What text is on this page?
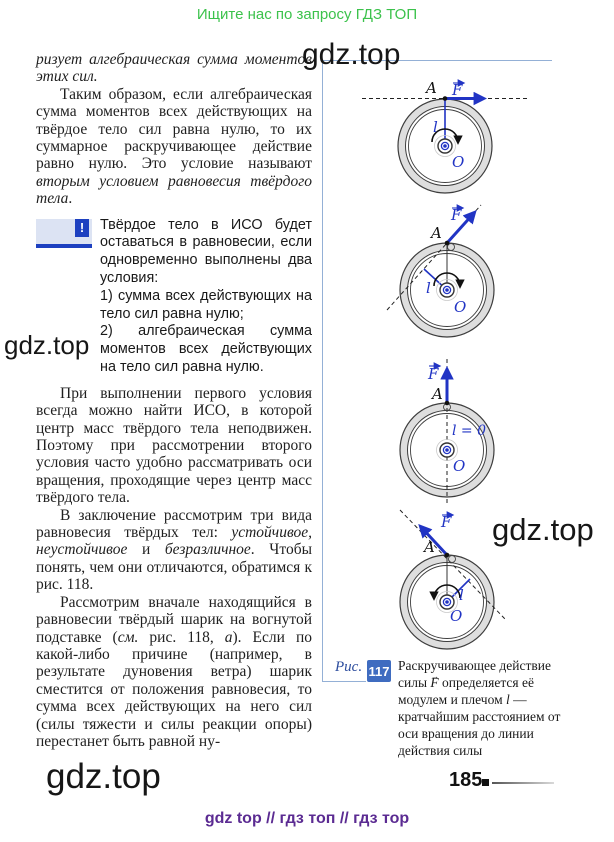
Ищите нас по запросу ГДЗ ТОП
gdz.top
gdz.top
gdz.top
gdz.top

ризует алгебраическая сумма моментов этих сил.

Таким образом, если алгебраическая сумма моментов всех действующих на твёрдое тело сил равна нулю, то их суммарное раскручивающее действие равно нулю. Это условие называют вторым условием равновесия твёрдого тела.

! Твёрдое тело в ИСО будет оставаться в равновесии, если одновременно выполнены два условия:

1) сумма всех действующих на тело сил равна нулю;

2) алгебраическая сумма моментов всех действующих на тело сил равна нулю.

При выполнении первого условия всегда можно найти ИСО, в которой центр масс твёрдого тела неподвижен. Поэтому при рассмотрении второго условия часто удобно рассматривать оси вращения, проходящие через центр масс твёрдого тела.

В заключение рассмотрим три вида равновесия твёрдых тел: устойчивое, неустойчивое и безразличное. Чтобы понять, чем они отличаются, обратимся к рис. 118.

Рассмотрим вначале находящийся в равновесии твёрдый шарик на вогнутой подставке (см. рис. 118, а). Если по какой-либо причине (например, в результате дуновения ветра) шарик сместится от положения равновесия, то сумма всех действующих на него сил (силы тяжести и силы реакции опоры) перестанет быть равной ну-

A F
l
O
A
F
l
O
A
F
l = 0
O
A
F
l
O
Рис. 117 Раскручивающее действие силы F → определяется её модулем и плечом l — кратчайшим расстоянием от оси вращения до линии действия силы

185
gdz top // гдз топ // гдз тор
